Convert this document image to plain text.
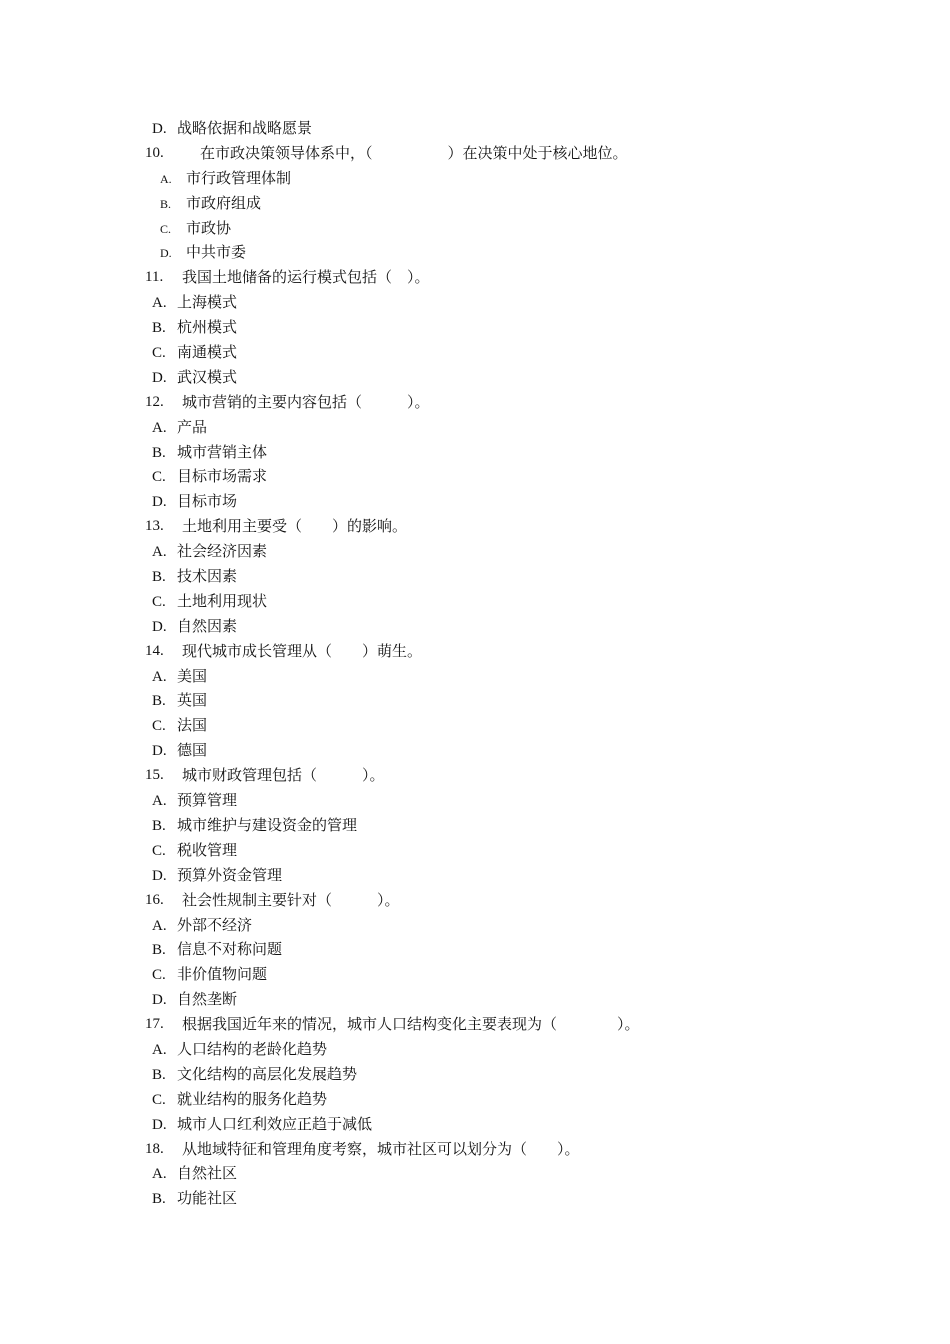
D. 战略依据和战略愿景
10. 在市政决策领导体系中，（　　　　　）在决策中处于核心地位。
A. 市行政管理体制
B. 市政府组成
C. 市政协
D. 中共市委
11. 我国土地储备的运行模式包括（　）。
A. 上海模式
B. 杭州模式
C. 南通模式
D. 武汉模式
12. 城市营销的主要内容包括（　　　）。
A. 产品
B. 城市营销主体
C. 目标市场需求
D. 目标市场
13. 土地利用主要受（　　）的影响。
A. 社会经济因素
B. 技术因素
C. 土地利用现状
D. 自然因素
14. 现代城市成长管理从（　　）萌生。
A. 美国
B. 英国
C. 法国
D. 德国
15. 城市财政管理包括（　　　）。
A. 预算管理
B. 城市维护与建设资金的管理
C. 税收管理
D. 预算外资金管理
16. 社会性规制主要针对（　　　）。
A. 外部不经济
B. 信息不对称问题
C. 非价值物问题
D. 自然垄断
17. 根据我国近年来的情况，城市人口结构变化主要表现为（　　　　）。
A. 人口结构的老龄化趋势
B. 文化结构的高层化发展趋势
C. 就业结构的服务化趋势
D. 城市人口红利效应正趋于减低
18. 从地域特征和管理角度考察，城市社区可以划分为（　　）。
A. 自然社区
B. 功能社区
